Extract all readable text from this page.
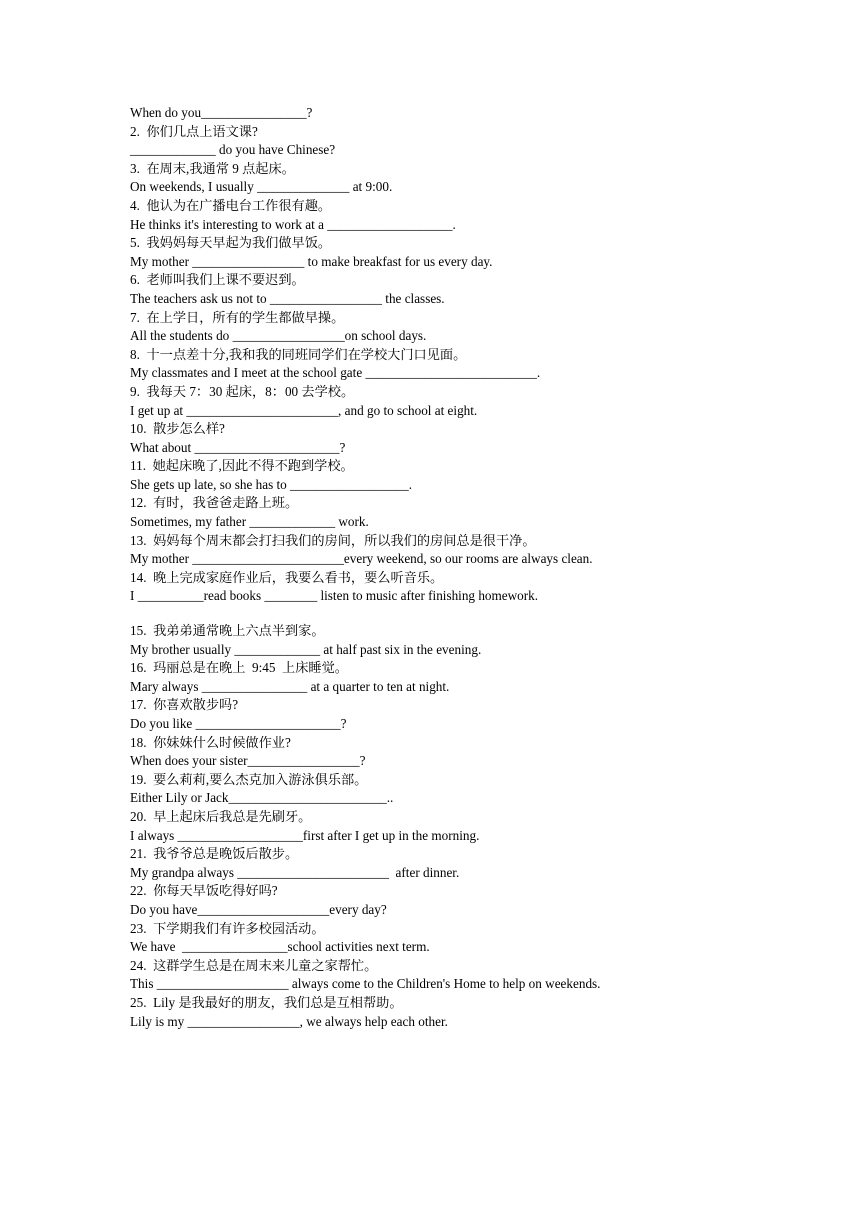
When do you________________?
2.  你们几点上语文课?
_____________ do you have Chinese?
3.  在周末,我通常 9 点起床。
On weekends, I usually ______________ at 9:00.
4.  他认为在广播电台工作很有趣。
He thinks it's interesting to work at a ___________________.
5.  我妈妈每天早起为我们做早饭。
My mother _________________ to make breakfast for us every day.
6.  老师叫我们上课不要迟到。
The teachers ask us not to _________________ the classes.
7.  在上学日，所有的学生都做早操。
All the students do _________________on school days.
8.  十一点差十分,我和我的同班同学们在学校大门口见面。
My classmates and I meet at the school gate __________________________.
9.  我每天 7：30 起床，8：00 去学校。
I get up at _______________________, and go to school at eight.
10.  散步怎么样?
What about ______________________?
11.  她起床晚了,因此不得不跑到学校。
She gets up late, so she has to __________________.
12.  有时，我爸爸走路上班。
Sometimes, my father _____________ work.
13.  妈妈每个周末都会打扫我们的房间，所以我们的房间总是很干净。
My mother _______________________every weekend, so our rooms are always clean.
14.  晚上完成家庭作业后，我要么看书，要么听音乐。
I __________read books ________ listen to music after finishing homework.
15.  我弟弟通常晚上六点半到家。
My brother usually _____________ at half past six in the evening.
16.  玛丽总是在晚上  9:45  上床睡觉。
Mary always ________________ at a quarter to ten at night.
17.  你喜欢散步吗?
Do you like ______________________?
18.  你妹妹什么时候做作业?
When does your sister_________________?
19.  要么莉莉,要么杰克加入游泳俱乐部。
Either Lily or Jack________________________..
20.  早上起床后我总是先刷牙。
I always ___________________first after I get up in the morning.
21.  我爷爷总是晚饭后散步。
My grandpa always _______________________  after dinner.
22.  你每天早饭吃得好吗?
Do you have____________________every day?
23.  下学期我们有许多校园活动。
We have  ________________school activities next term.
24.  这群学生总是在周末来儿童之家帮忙。
This ____________________ always come to the Children's Home to help on weekends.
25.  Lily 是我最好的朋友，我们总是互相帮助。
Lily is my _________________, we always help each other.
